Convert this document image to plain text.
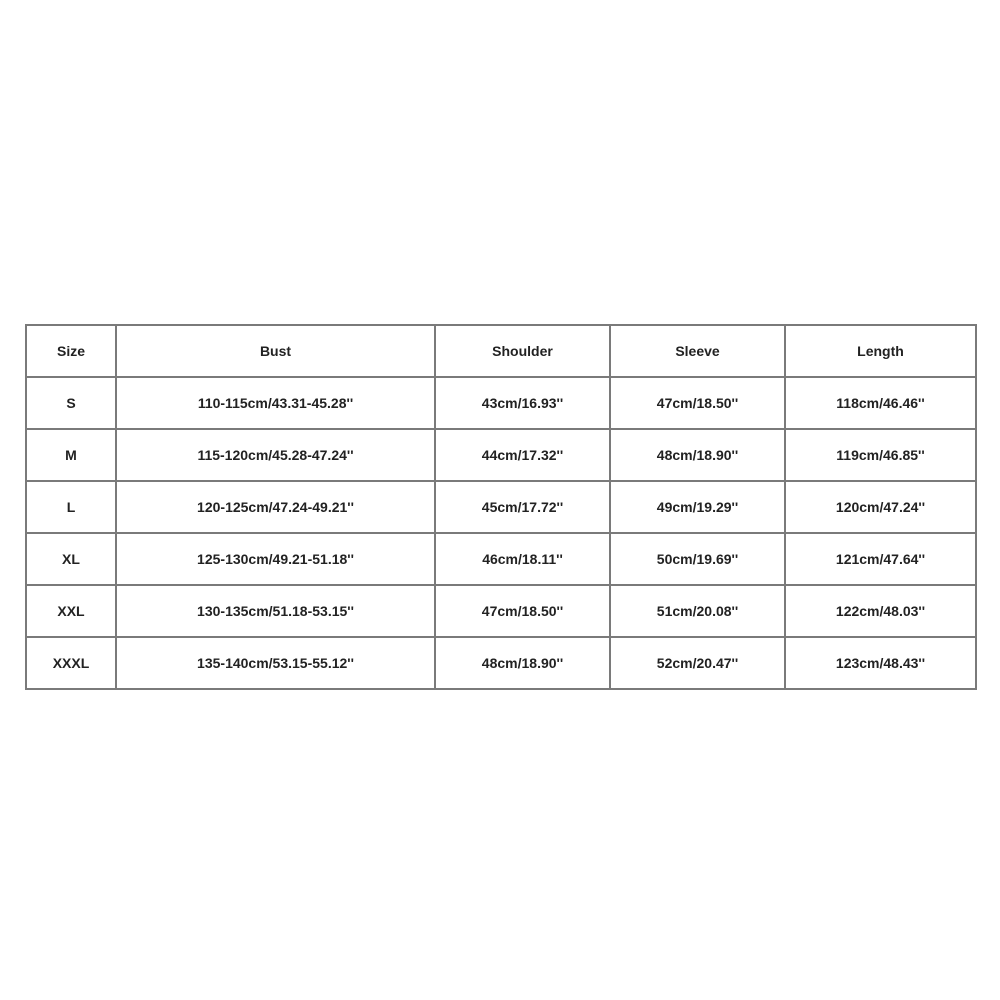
Size	Bust	Shoulder	Sleeve	Length
S	110-115cm/43.31-45.28''	43cm/16.93''	47cm/18.50''	118cm/46.46''
M	115-120cm/45.28-47.24''	44cm/17.32''	48cm/18.90''	119cm/46.85''
L	120-125cm/47.24-49.21''	45cm/17.72''	49cm/19.29''	120cm/47.24''
XL	125-130cm/49.21-51.18''	46cm/18.11''	50cm/19.69''	121cm/47.64''
XXL	130-135cm/51.18-53.15''	47cm/18.50''	51cm/20.08''	122cm/48.03''
XXXL	135-140cm/53.15-55.12''	48cm/18.90''	52cm/20.47''	123cm/48.43''
